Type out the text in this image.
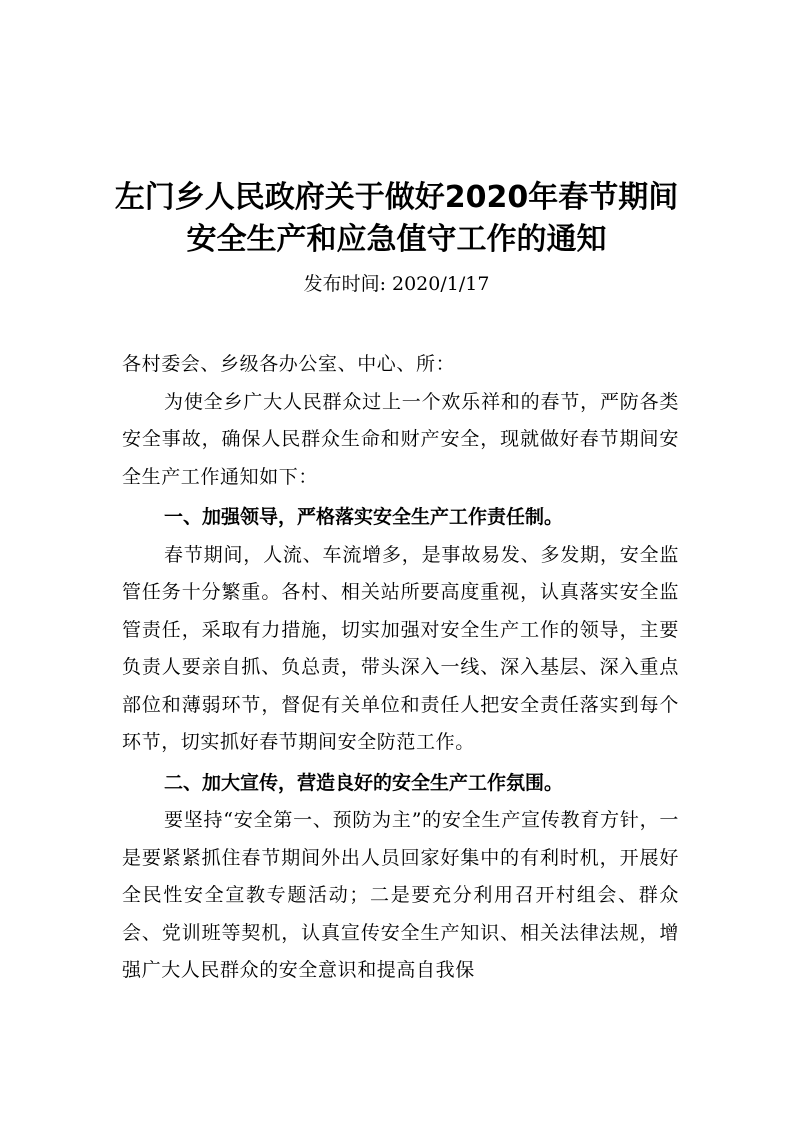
左门乡人民政府关于做好2020年春节期间
安全生产和应急值守工作的通知
发布时间: 2020/1/17

各村委会、乡级各办公室、中心、所：

为使全乡广大人民群众过上一个欢乐祥和的春节，严防各类安全事故，确保人民群众生命和财产安全，现就做好春节期间安全生产工作通知如下：

一、加强领导，严格落实安全生产工作责任制。

春节期间，人流、车流增多，是事故易发、多发期，安全监管任务十分繁重。各村、相关站所要高度重视，认真落实安全监管责任，采取有力措施，切实加强对安全生产工作的领导，主要负责人要亲自抓、负总责，带头深入一线、深入基层、深入重点部位和薄弱环节，督促有关单位和责任人把安全责任落实到每个环节，切实抓好春节期间安全防范工作。

二、加大宣传，营造良好的安全生产工作氛围。

要坚持“安全第一、预防为主”的安全生产宣传教育方针，一是要紧紧抓住春节期间外出人员回家好集中的有利时机，开展好全民性安全宣教专题活动；二是要充分利用召开村组会、群众会、党训班等契机，认真宣传安全生产知识、相关法律法规，增强广大人民群众的安全意识和提高自我保
